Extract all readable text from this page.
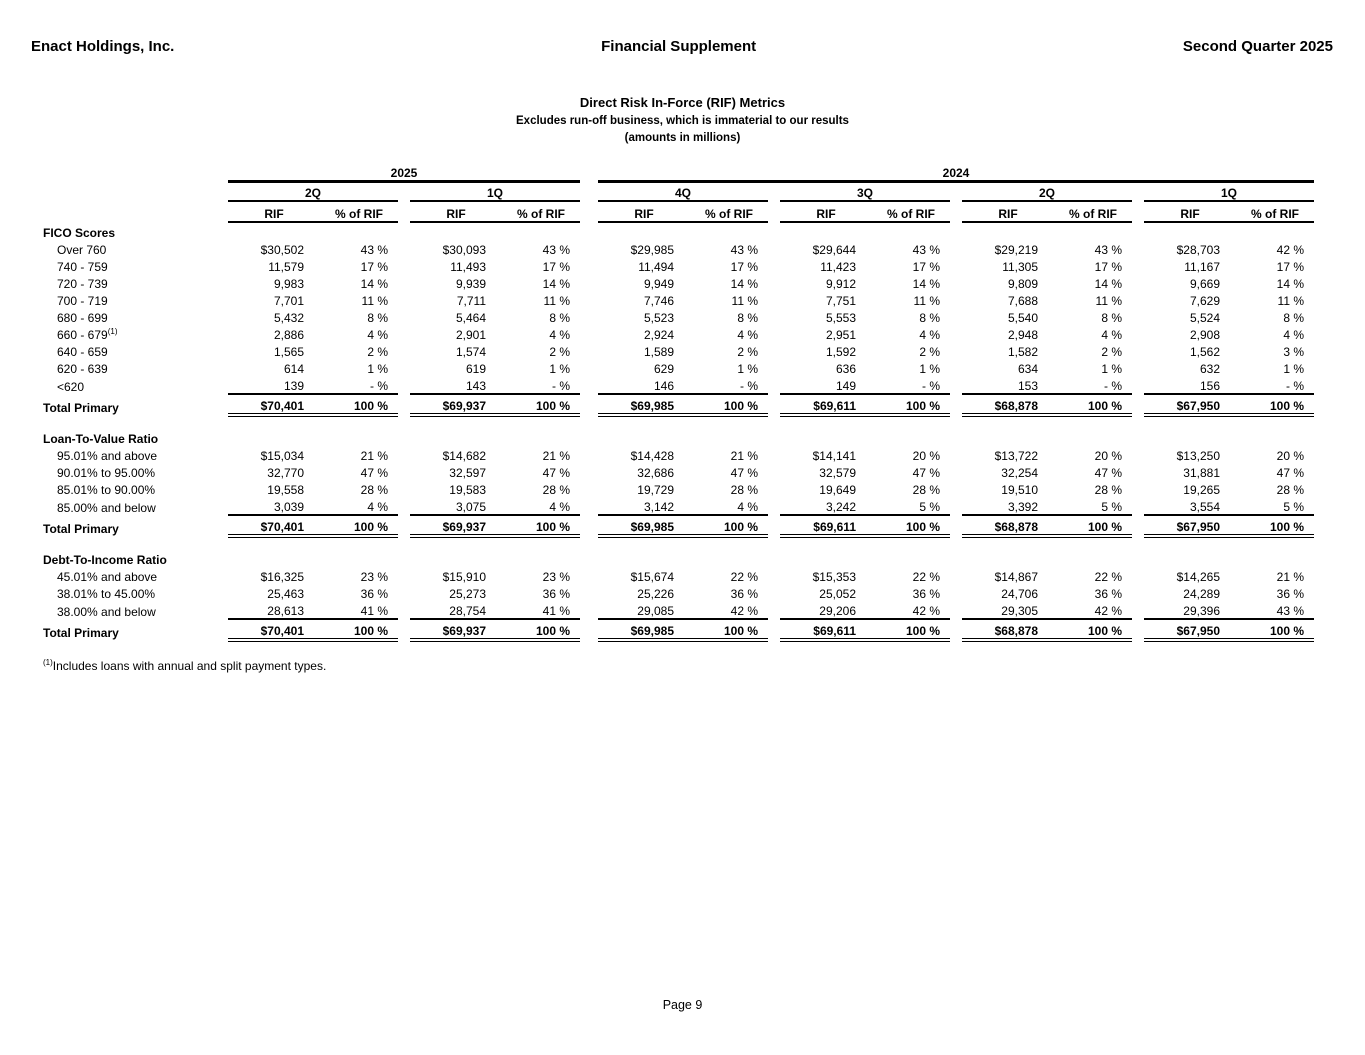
Enact Holdings, Inc.	Financial Supplement	Second Quarter 2025
Direct Risk In-Force (RIF) Metrics
Excludes run-off business, which is immaterial to our results
(amounts in millions)
	2025						2024										
	2Q			1Q			4Q			3Q			2Q			1Q	
	RIF	% of RIF		RIF	% of RIF		RIF	% of RIF		RIF	% of RIF		RIF	% of RIF		RIF	% of RIF
FICO Scores																	
Over 760	$30,502	43 %		$30,093	43 %		$29,985	43 %		$29,644	43 %		$29,219	43 %		$28,703	42 %
740 - 759	11,579	17 %		11,493	17 %		11,494	17 %		11,423	17 %		11,305	17 %		11,167	17 %
720 - 739	9,983	14 %		9,939	14 %		9,949	14 %		9,912	14 %		9,809	14 %		9,669	14 %
700 - 719	7,701	11 %		7,711	11 %		7,746	11 %		7,751	11 %		7,688	11 %		7,629	11 %
680 - 699	5,432	8 %		5,464	8 %		5,523	8 %		5,553	8 %		5,540	8 %		5,524	8 %
660 - 679$^{(1)}$	2,886	4 %		2,901	4 %		2,924	4 %		2,951	4 %		2,948	4 %		2,908	4 %
640 - 659	1,565	2 %		1,574	2 %		1,589	2 %		1,592	2 %		1,582	2 %		1,562	3 %
620 - 639	614	1 %		619	1 %		629	1 %		636	1 %		634	1 %		632	1 %
<620	139	- %		143	- %		146	- %		149	- %		153	- %		156	- %
Total Primary	$70,401	100 %		$69,937	100 %		$69,985	100 %		$69,611	100 %		$68,878	100 %		$67,950	100 %

Loan-To-Value Ratio																	
95.01% and above	$15,034	21 %		$14,682	21 %		$14,428	21 %		$14,141	20 %		$13,722	20 %		$13,250	20 %
90.01% to 95.00%	32,770	47 %		32,597	47 %		32,686	47 %		32,579	47 %		32,254	47 %		31,881	47 %
85.01% to 90.00%	19,558	28 %		19,583	28 %		19,729	28 %		19,649	28 %		19,510	28 %		19,265	28 %
85.00% and below	3,039	4 %		3,075	4 %		3,142	4 %		3,242	5 %		3,392	5 %		3,554	5 %
Total Primary	$70,401	100 %		$69,937	100 %		$69,985	100 %		$69,611	100 %		$68,878	100 %		$67,950	100 %

Debt-To-Income Ratio																	
45.01% and above	$16,325	23 %		$15,910	23 %		$15,674	22 %		$15,353	22 %		$14,867	22 %		$14,265	21 %
38.01% to 45.00%	25,463	36 %		25,273	36 %		25,226	36 %		25,052	36 %		24,706	36 %		24,289	36 %
38.00% and below	28,613	41 %		28,754	41 %		29,085	42 %		29,206	42 %		29,305	42 %		29,396	43 %
Total Primary	$70,401	100 %		$69,937	100 %		$69,985	100 %		$69,611	100 %		$68,878	100 %		$67,950	100 %
$^{(1)}$Includes loans with annual and split payment types.
Page 9
